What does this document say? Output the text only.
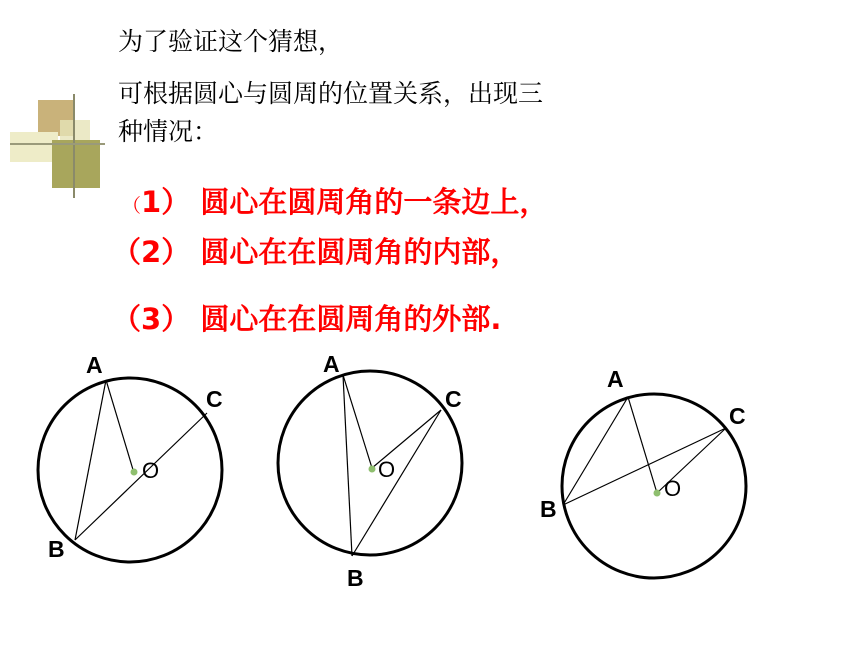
为了验证这个猜想，
可根据圆心与圆周的位置关系，出现三
种情况：
（1） 圆心在圆周角的一条边上，
（2） 圆心在在圆周角的内部，
（3） 圆心在在圆周角的外部.
A
C
B
O
A
C
B
O
A
C
B
O
